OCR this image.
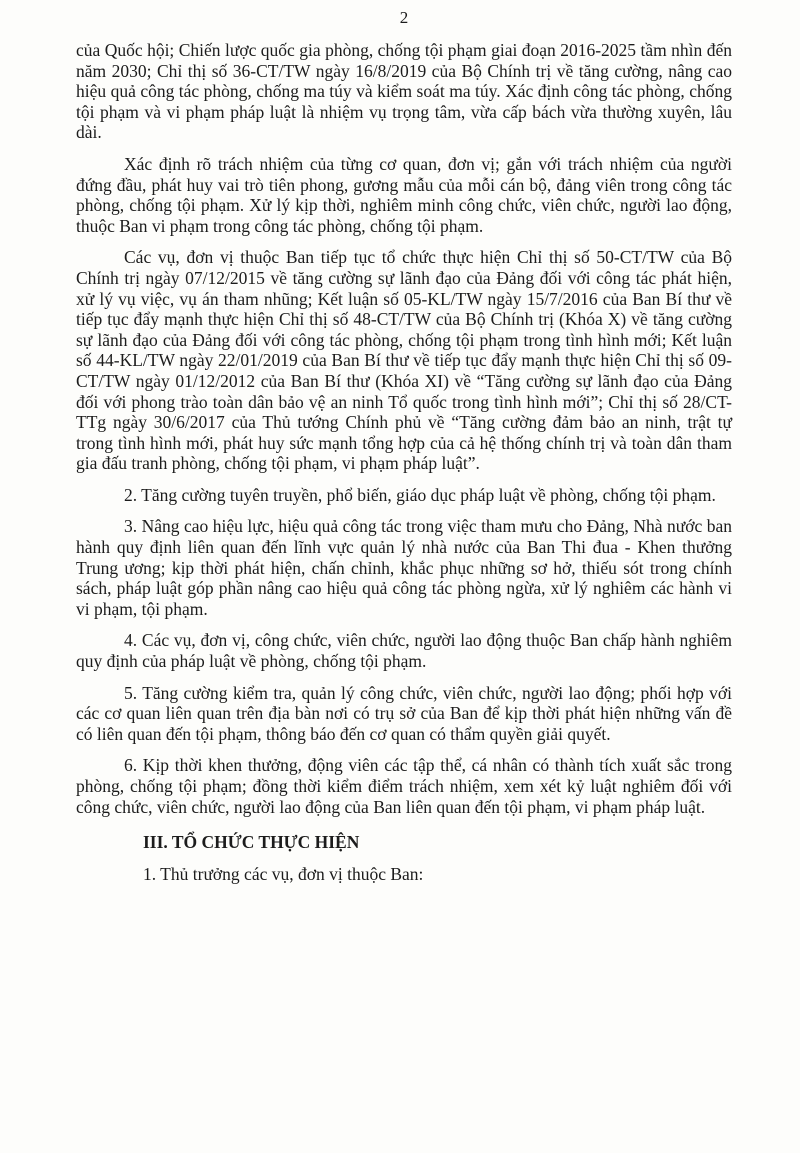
2

của Quốc hội; Chiến lược quốc gia phòng, chống tội phạm giai đoạn 2016-2025 tầm nhìn đến năm 2030; Chỉ thị số 36-CT/TW ngày 16/8/2019 của Bộ Chính trị về tăng cường, nâng cao hiệu quả công tác phòng, chống ma túy và kiểm soát ma túy. Xác định công tác phòng, chống tội phạm và vi phạm pháp luật là nhiệm vụ trọng tâm, vừa cấp bách vừa thường xuyên, lâu dài.

Xác định rõ trách nhiệm của từng cơ quan, đơn vị; gắn với trách nhiệm của người đứng đầu, phát huy vai trò tiên phong, gương mẫu của mỗi cán bộ, đảng viên trong công tác phòng, chống tội phạm. Xử lý kịp thời, nghiêm minh công chức, viên chức, người lao động, thuộc Ban vi phạm trong công tác phòng, chống tội phạm.

Các vụ, đơn vị thuộc Ban tiếp tục tổ chức thực hiện Chỉ thị số 50-CT/TW của Bộ Chính trị ngày 07/12/2015 về tăng cường sự lãnh đạo của Đảng đối với công tác phát hiện, xử lý vụ việc, vụ án tham nhũng; Kết luận số 05-KL/TW ngày 15/7/2016 của Ban Bí thư về tiếp tục đẩy mạnh thực hiện Chỉ thị số 48-CT/TW của Bộ Chính trị (Khóa X) về tăng cường sự lãnh đạo của Đảng đối với công tác phòng, chống tội phạm trong tình hình mới; Kết luận số 44-KL/TW ngày 22/01/2019 của Ban Bí thư về tiếp tục đẩy mạnh thực hiện Chỉ thị số 09-CT/TW ngày 01/12/2012 của Ban Bí thư (Khóa XI) về “Tăng cường sự lãnh đạo của Đảng đối với phong trào toàn dân bảo vệ an ninh Tổ quốc trong tình hình mới”; Chỉ thị số 28/CT-TTg ngày 30/6/2017 của Thủ tướng Chính phủ về “Tăng cường đảm bảo an ninh, trật tự trong tình hình mới, phát huy sức mạnh tổng hợp của cả hệ thống chính trị và toàn dân tham gia đấu tranh phòng, chống tội phạm, vi phạm pháp luật”.

2. Tăng cường tuyên truyền, phổ biến, giáo dục pháp luật về phòng, chống tội phạm.

3. Nâng cao hiệu lực, hiệu quả công tác trong việc tham mưu cho Đảng, Nhà nước ban hành quy định liên quan đến lĩnh vực quản lý nhà nước của Ban Thi đua - Khen thưởng Trung ương; kịp thời phát hiện, chấn chỉnh, khắc phục những sơ hở, thiếu sót trong chính sách, pháp luật góp phần nâng cao hiệu quả công tác phòng ngừa, xử lý nghiêm các hành vi vi phạm, tội phạm.

4. Các vụ, đơn vị, công chức, viên chức, người lao động thuộc Ban chấp hành nghiêm quy định của pháp luật về phòng, chống tội phạm.

5. Tăng cường kiểm tra, quản lý công chức, viên chức, người lao động; phối hợp với các cơ quan liên quan trên địa bàn nơi có trụ sở của Ban để kịp thời phát hiện những vấn đề có liên quan đến tội phạm, thông báo đến cơ quan có thẩm quyền giải quyết.

6. Kịp thời khen thưởng, động viên các tập thể, cá nhân có thành tích xuất sắc trong phòng, chống tội phạm; đồng thời kiểm điểm trách nhiệm, xem xét kỷ luật nghiêm đối với công chức, viên chức, người lao động của Ban liên quan đến tội phạm, vi phạm pháp luật.

III. TỔ CHỨC THỰC HIỆN
1. Thủ trưởng các vụ, đơn vị thuộc Ban:
